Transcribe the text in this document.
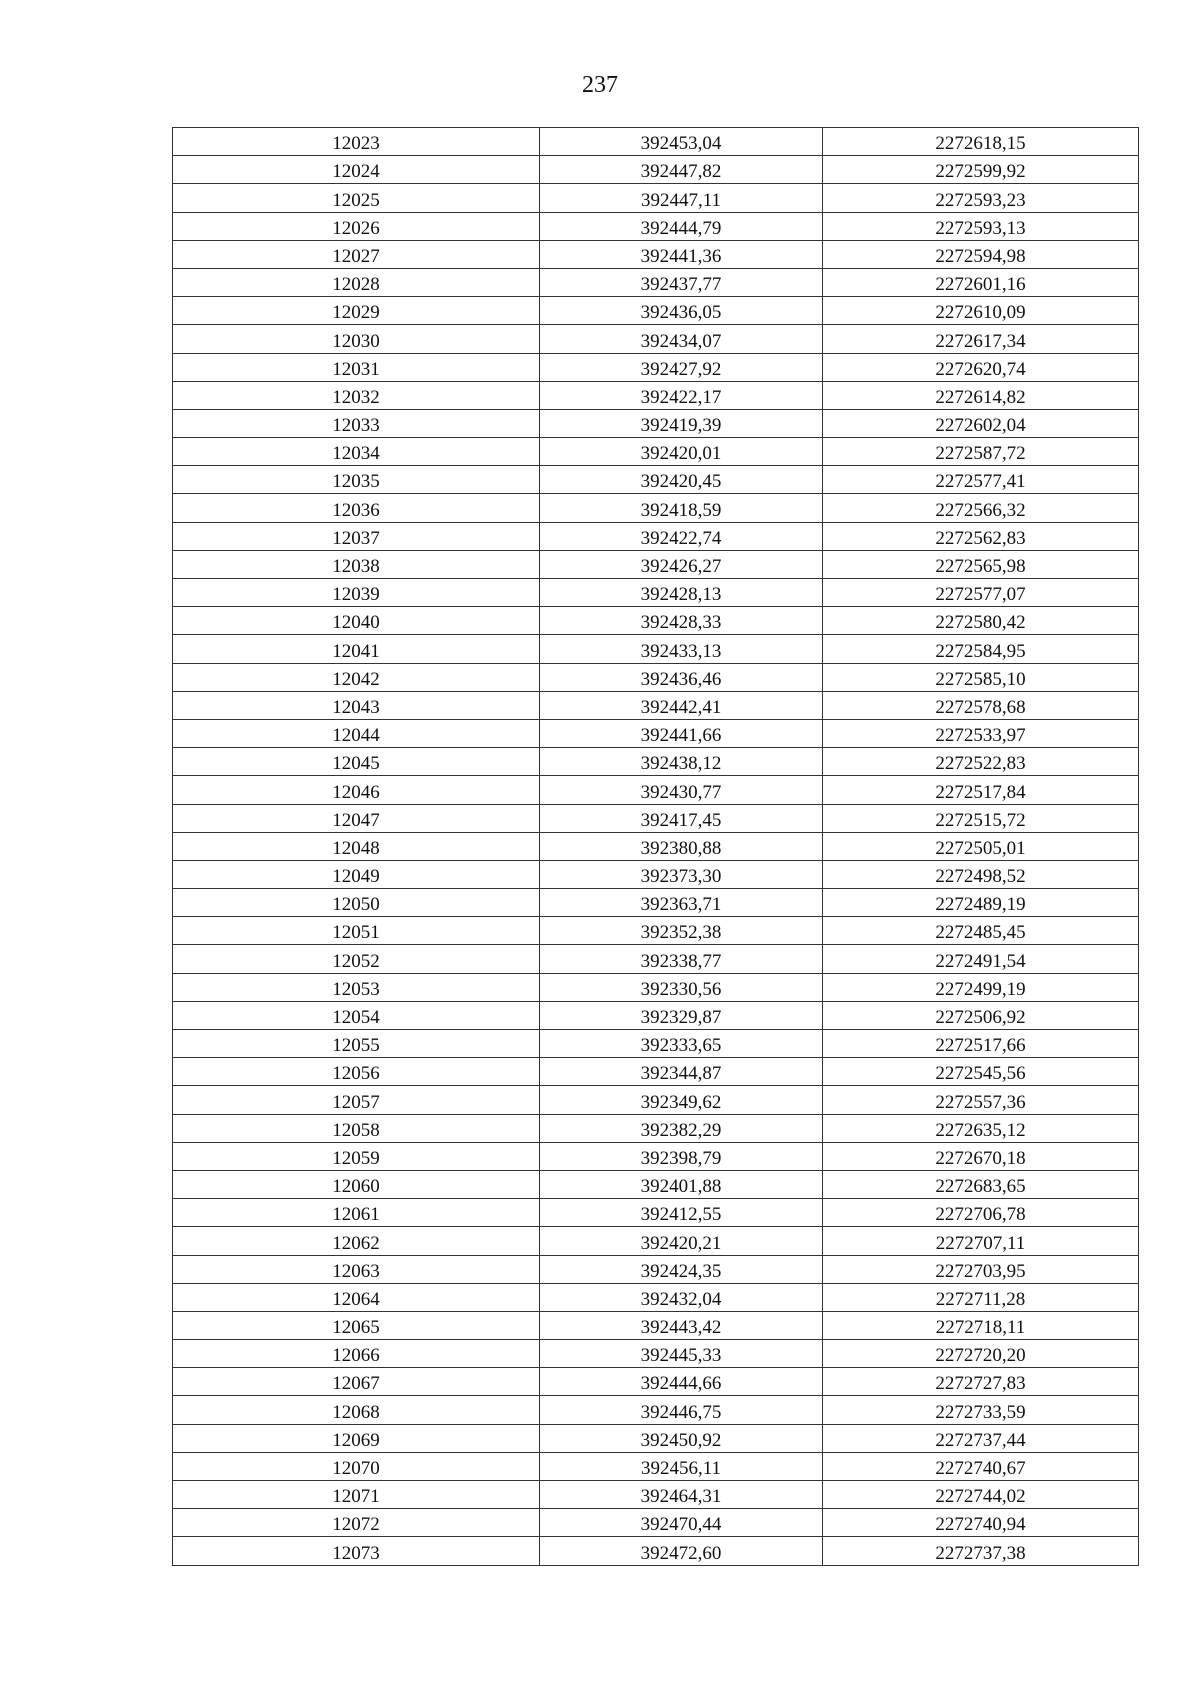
237
12023	392453,04	2272618,15
12024	392447,82	2272599,92
12025	392447,11	2272593,23
12026	392444,79	2272593,13
12027	392441,36	2272594,98
12028	392437,77	2272601,16
12029	392436,05	2272610,09
12030	392434,07	2272617,34
12031	392427,92	2272620,74
12032	392422,17	2272614,82
12033	392419,39	2272602,04
12034	392420,01	2272587,72
12035	392420,45	2272577,41
12036	392418,59	2272566,32
12037	392422,74	2272562,83
12038	392426,27	2272565,98
12039	392428,13	2272577,07
12040	392428,33	2272580,42
12041	392433,13	2272584,95
12042	392436,46	2272585,10
12043	392442,41	2272578,68
12044	392441,66	2272533,97
12045	392438,12	2272522,83
12046	392430,77	2272517,84
12047	392417,45	2272515,72
12048	392380,88	2272505,01
12049	392373,30	2272498,52
12050	392363,71	2272489,19
12051	392352,38	2272485,45
12052	392338,77	2272491,54
12053	392330,56	2272499,19
12054	392329,87	2272506,92
12055	392333,65	2272517,66
12056	392344,87	2272545,56
12057	392349,62	2272557,36
12058	392382,29	2272635,12
12059	392398,79	2272670,18
12060	392401,88	2272683,65
12061	392412,55	2272706,78
12062	392420,21	2272707,11
12063	392424,35	2272703,95
12064	392432,04	2272711,28
12065	392443,42	2272718,11
12066	392445,33	2272720,20
12067	392444,66	2272727,83
12068	392446,75	2272733,59
12069	392450,92	2272737,44
12070	392456,11	2272740,67
12071	392464,31	2272744,02
12072	392470,44	2272740,94
12073	392472,60	2272737,38
